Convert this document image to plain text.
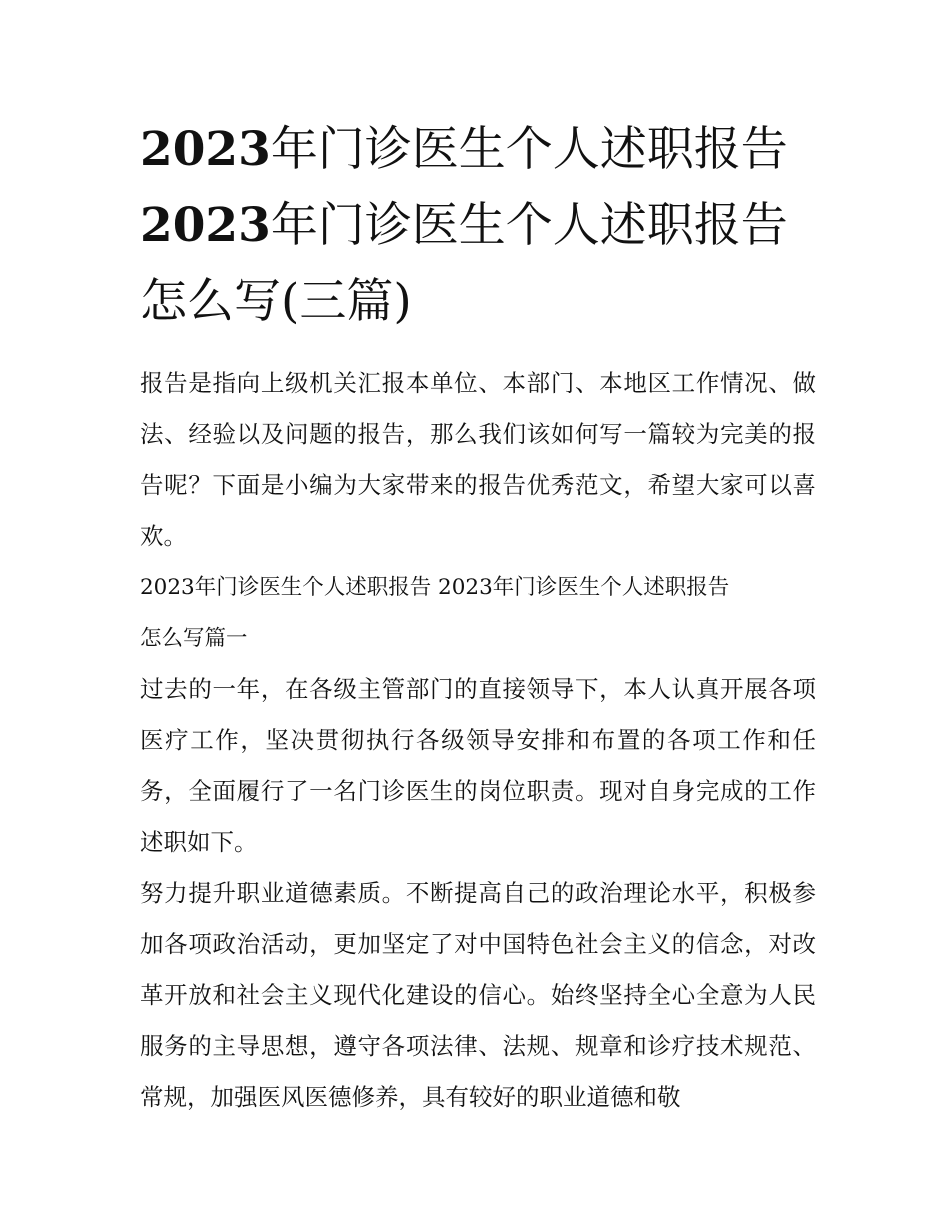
2023年门诊医生个人述职报告
2023年门诊医生个人述职报告
怎么写(三篇)

报告是指向上级机关汇报本单位、本部门、本地区工作情况、做法、经验以及问题的报告，那么我们该如何写一篇较为完美的报告呢？下面是小编为大家带来的报告优秀范文，希望大家可以喜欢。

2023年门诊医生个人述职报告 2023年门诊医生个人述职报告

怎么写篇一

过去的一年，在各级主管部门的直接领导下，本人认真开展各项医疗工作，坚决贯彻执行各级领导安排和布置的各项工作和任务，全面履行了一名门诊医生的岗位职责。现对自身完成的工作述职如下。

努力提升职业道德素质。不断提高自己的政治理论水平，积极参加各项政治活动，更加坚定了对中国特色社会主义的信念，对改革开放和社会主义现代化建设的信心。始终坚持全心全意为人民服务的主导思想，遵守各项法律、法规、规章和诊疗技术规范、常规，加强医风医德修养，具有较好的职业道德和敬
